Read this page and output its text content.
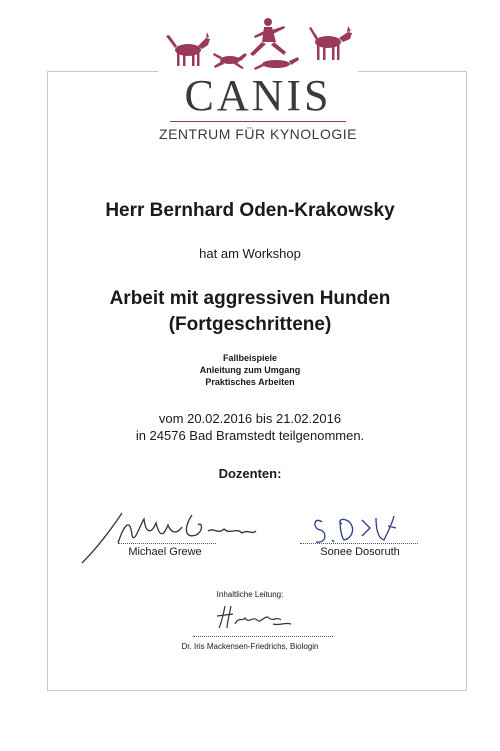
CANIS
ZENTRUM FÜR KYNOLOGIE
Herr Bernhard Oden-Krakowsky
hat am Workshop
Arbeit mit aggressiven Hunden
(Fortgeschrittene)
Fallbeispiele
Anleitung zum Umgang
Praktisches Arbeiten
vom 20.02.2016 bis 21.02.2016
in 24576 Bad Bramstedt teilgenommen.
Dozenten:
Michael Grewe	Sonee Dosoruth
Inhaltliche Leitung:
Dr. Iris Mackensen-Friedrichs, Biologin
